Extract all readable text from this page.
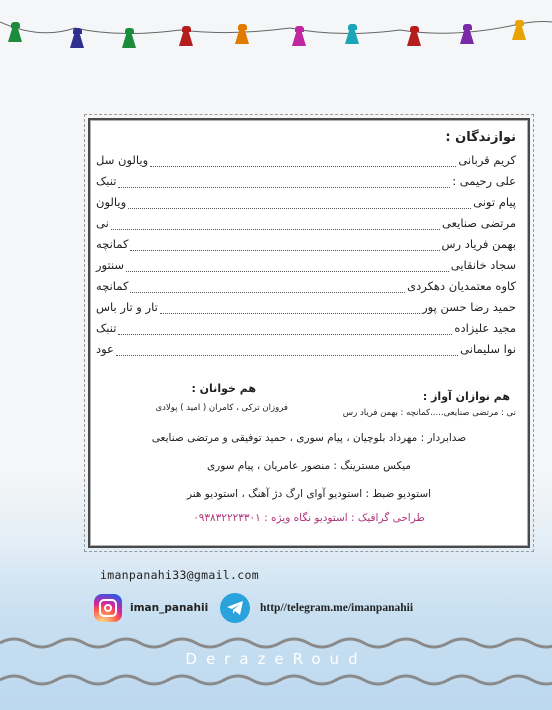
نوازندگان :
کریم قربانی
ویالون سل
علی رحیمی :
تنبک
پیام تونی
ویالون
مرتضی صنایعی
نی
بهمن فریاد رس
کمانچه
سجاد خانقایی
سنتور
کاوه معتمدیان دهکردی
کمانچه
حمید رضا حسن پور
تار و تار باس
مجید علیزاده
تنبک
نوا سلیمانی
عود
هم نوازان آواز :
نی : مرتضی صنایعی.....کمانچه : بهمن فریاد رس
هم خوانان :
فروزان ترکی ، کامران ( امید ) پولادی
صدابردار : مهرداد بلوچیان ، پیام سوری ، حمید توفیقی و مرتضی صنایعی
میکس مسترینگ : منصور عامریان ، پیام سوری
استودیو ضبط : استودیو آوای ارگ دژ آهنگ ، استودیو هنر
طراحی گرافیک : استودیو نگاه ویژه : ۰۹۳۸۳۲۲۲۳۳۰۱
imanpanahi33@gmail.com
iman_panahii	http//telegram.me/imanpanahii
DerazeRoud
